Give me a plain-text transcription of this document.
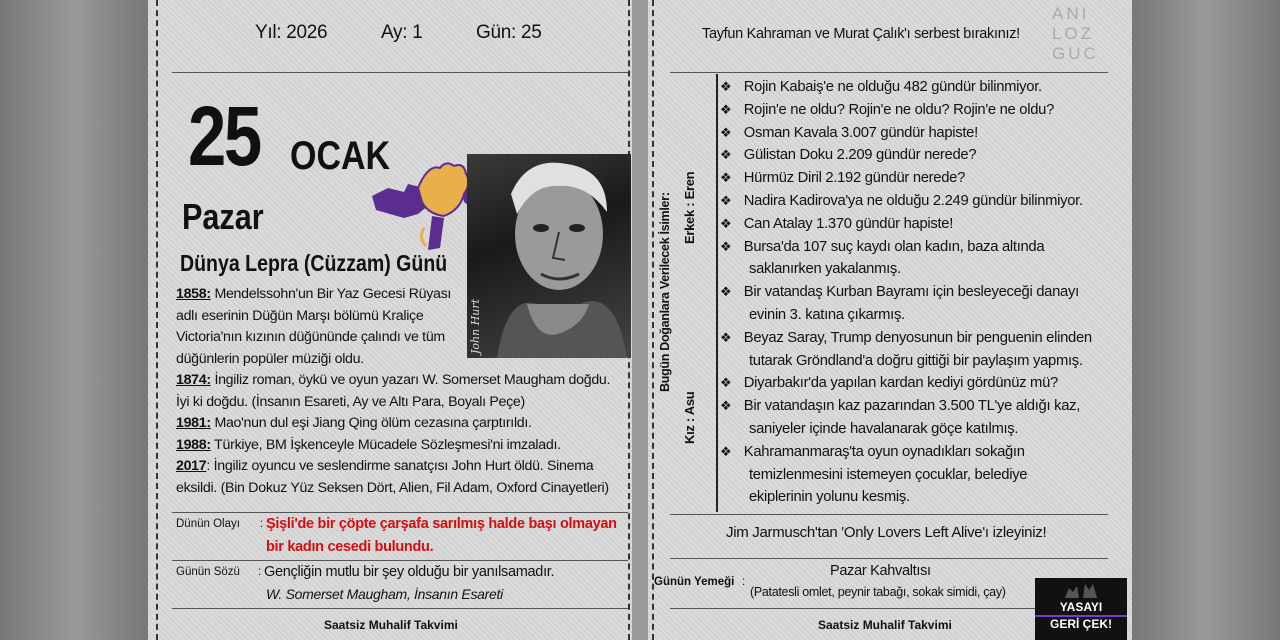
Yıl: 2026	Ay: 1	Gün: 25
25 OCAK
Pazar
Dünya Lepra (Cüzzam) Günü
John Hurt
1858: Mendelssohn'un Bir Yaz Gecesi Rüyası
adlı eserinin Düğün Marşı bölümü Kraliçe
Victoria'nın kızının düğününde çalındı ve tüm
düğünlerin popüler müziği oldu.
1874: İngiliz roman, öykü ve oyun yazarı W. Somerset Maugham doğdu.
İyi ki doğdu. (İnsanın Esareti, Ay ve Altı Para, Boyalı Peçe)
1981: Mao'nun dul eşi Jiang Qing ölüm cezasına çarptırıldı.
1988: Türkiye, BM İşkenceyle Mücadele Sözleşmesi'ni imzaladı.
2017: İngiliz oyuncu ve seslendirme sanatçısı John Hurt öldü. Sinema
eksildi. (Bin Dokuz Yüz Seksen Dört, Alien, Fil Adam, Oxford Cinayetleri)
Dünün Olayı : Şişli'de bir çöpte çarşafa sarılmış halde başı olmayan
bir kadın cesedi bulundu.
Günün Sözü : Gençliğin mutlu bir şey olduğu bir yanılsamadır.
W. Somerset Maugham, İnsanın Esareti
Saatsiz Muhalif Takvimi
Tayfun Kahraman ve Murat Çalık'ı serbest bırakınız!
ANI
LOZ
GUC
Bugün Doğanlara Verilecek İsimler: Erkek : Eren
Kız : Asu
❖ Rojin Kabaiş'e ne olduğu 482 gündür bilinmiyor.
❖ Rojin'e ne oldu? Rojin'e ne oldu? Rojin'e ne oldu?
❖ Osman Kavala 3.007 gündür hapiste!
❖ Gülistan Doku 2.209 gündür nerede?
❖ Hürmüz Diril 2.192 gündür nerede?
❖ Nadira Kadirova'ya ne olduğu 2.249 gündür bilinmiyor.
❖ Can Atalay 1.370 gündür hapiste!
❖ Bursa'da 107 suç kaydı olan kadın, baza altında
saklanırken yakalanmış.
❖ Bir vatandaş Kurban Bayramı için besleyeceği danayı
evinin 3. katına çıkarmış.
❖ Beyaz Saray, Trump denyosunun bir penguenin elinden
tutarak Gröndland'a doğru gittiği bir paylaşım yapmış.
❖ Diyarbakır'da yapılan kardan kediyi gördünüz mü?
❖ Bir vatandaşın kaz pazarından 3.500 TL'ye aldığı kaz,
saniyeler içinde havalanarak göçe katılmış.
❖ Kahramanmaraş'ta oyun oynadıkları sokağın
temizlenmesini istemeyen çocuklar, belediye
ekiplerinin yolunu kesmiş.
Jim Jarmusch'tan 'Only Lovers Left Alive'ı izleyiniz!
Günün Yemeği :
Pazar Kahvaltısı
(Patatesli omlet, peynir tabağı, sokak simidi, çay)
Saatsiz Muhalif Takvimi
YASAYI
GERİ ÇEK!
